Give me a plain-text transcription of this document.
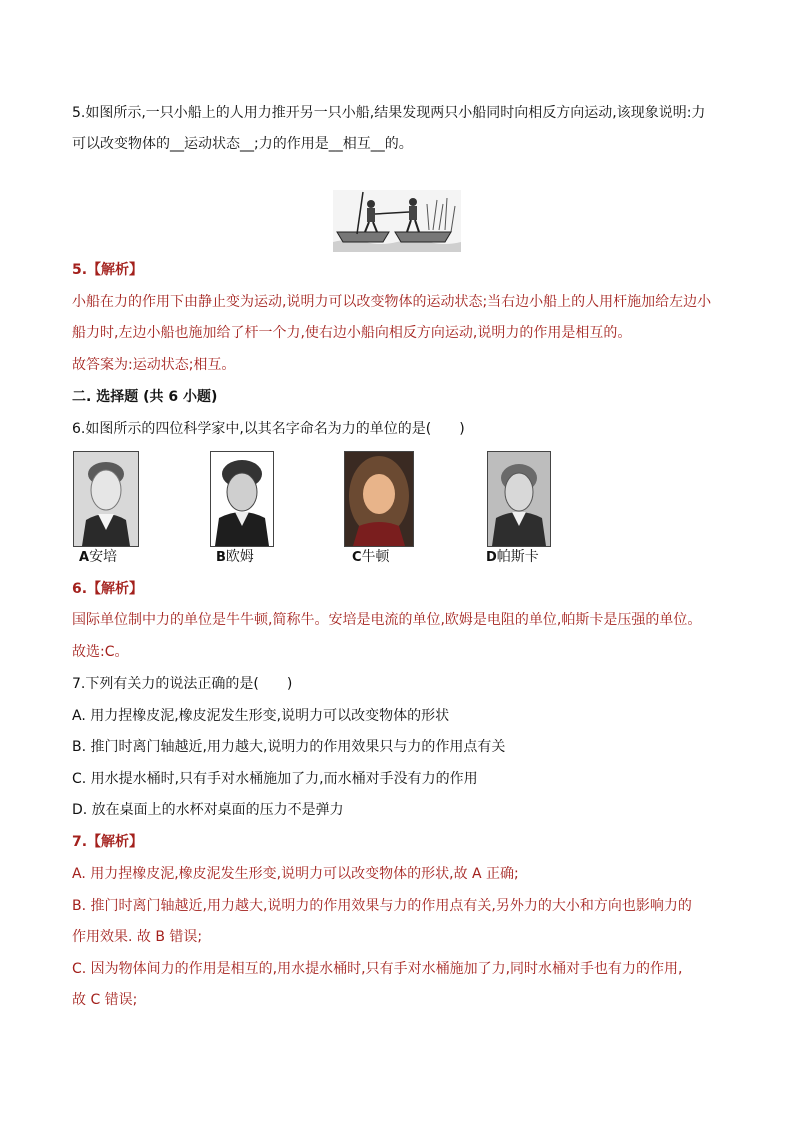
5.如图所示,一只小船上的人用力推开另一只小船,结果发现两只小船同时向相反方向运动,该现象说明:力
可以改变物体的__运动状态__;力的作用是__相互__的。
5.【解析】
小船在力的作用下由静止变为运动,说明力可以改变物体的运动状态;当右边小船上的人用杆施加给左边小
船力时,左边小船也施加给了杆一个力,使右边小船向相反方向运动,说明力的作用是相互的。
故答案为:运动状态;相互。
二. 选择题 (共 6 小题)
6.如图所示的四位科学家中,以其名字命名为力的单位的是(　　)
A安培	B欧姆	C牛顿	D帕斯卡
6.【解析】
国际单位制中力的单位是牛牛顿,简称牛。安培是电流的单位,欧姆是电阻的单位,帕斯卡是压强的单位。
故选:C。
7.下列有关力的说法正确的是(　　)
A. 用力捏橡皮泥,橡皮泥发生形变,说明力可以改变物体的形状
B. 推门时离门轴越近,用力越大,说明力的作用效果只与力的作用点有关
C. 用水提水桶时,只有手对水桶施加了力,而水桶对手没有力的作用
D. 放在桌面上的水杯对桌面的压力不是弹力
7.【解析】
A. 用力捏橡皮泥,橡皮泥发生形变,说明力可以改变物体的形状,故 A 正确;
B. 推门时离门轴越近,用力越大,说明力的作用效果与力的作用点有关,另外力的大小和方向也影响力的
作用效果. 故 B 错误;
C. 因为物体间力的作用是相互的,用水提水桶时,只有手对水桶施加了力,同时水桶对手也有力的作用,
故 C 错误;
